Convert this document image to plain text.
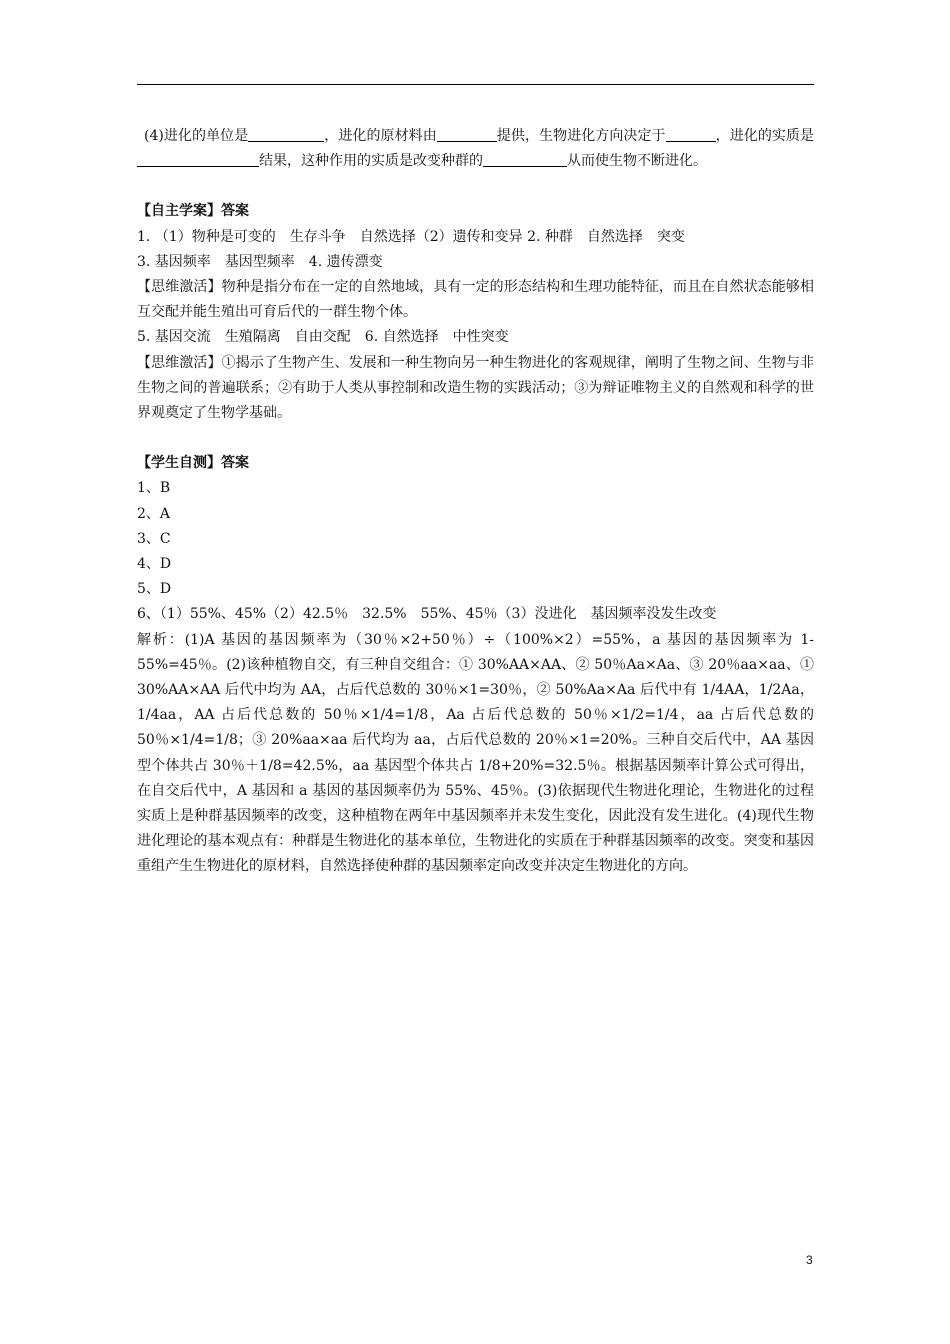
(4)进化的单位是	，进化的原材料由	提供，生物进化方向决定于	，进化的实质是结果，这种作用的实质是改变种群的	从而使生物不断进化。
【自主学案】答案
1. （1）物种是可变的　生存斗争　自然选择（2）遗传和变异 2. 种群　自然选择　突变
3. 基因频率　基因型频率　4. 遗传漂变
【思维激活】物种是指分布在一定的自然地域，具有一定的形态结构和生理功能特征，而且在自然状态能够相互交配并能生殖出可育后代的一群生物个体。
5. 基因交流　生殖隔离　自由交配　6. 自然选择　中性突变
【思维激活】①揭示了生物产生、发展和一种生物向另一种生物进化的客观规律，阐明了生物之间、生物与非生物之间的普遍联系；②有助于人类从事控制和改造生物的实践活动；③为辩证唯物主义的自然观和科学的世界观奠定了生物学基础。
【学生自测】答案
1、B
2、A
3、C
4、D
5、D
6、（1）55%、45%（2）42.5％　32.5%　55%、45％（3）没进化　基因频率没发生改变
解析：(1)A 基因的基因频率为（30％×2+50％）÷（100%×2）=55%，a 基因的基因频率为 1-55%=45％。(2)该种植物自交，有三种自交组合：① 30%AA×AA、② 50％Aa×Aa、③ 20％aa×aa、① 30%AA×AA 后代中均为 AA，占后代总数的 30％×1=30％，② 50%Aa×Aa 后代中有 1/4AA，1/2Aa，1/4aa，AA 占后代总数的 50％×1/4=1/8，Aa 占后代总数的 50％×1/2=1/4，aa 占后代总数的 50％×1/4=1/8；③ 20%aa×aa 后代均为 aa，占后代总数的 20％×1=20%。三种自交后代中，AA 基因型个体共占 30％＋1/8=42.5%，aa 基因型个体共占 1/8+20%=32.5％。根据基因频率计算公式可得出，在自交后代中，A 基因和 a 基因的基因频率仍为 55%、45％。(3)依据现代生物进化理论，生物进化的过程实质上是种群基因频率的改变，这种植物在两年中基因频率并未发生变化，因此没有发生进化。(4)现代生物进化理论的基本观点有：种群是生物进化的基本单位，生物进化的实质在于种群基因频率的改变。突变和基因重组产生生物进化的原材料，自然选择使种群的基因频率定向改变并决定生物进化的方向。
3
